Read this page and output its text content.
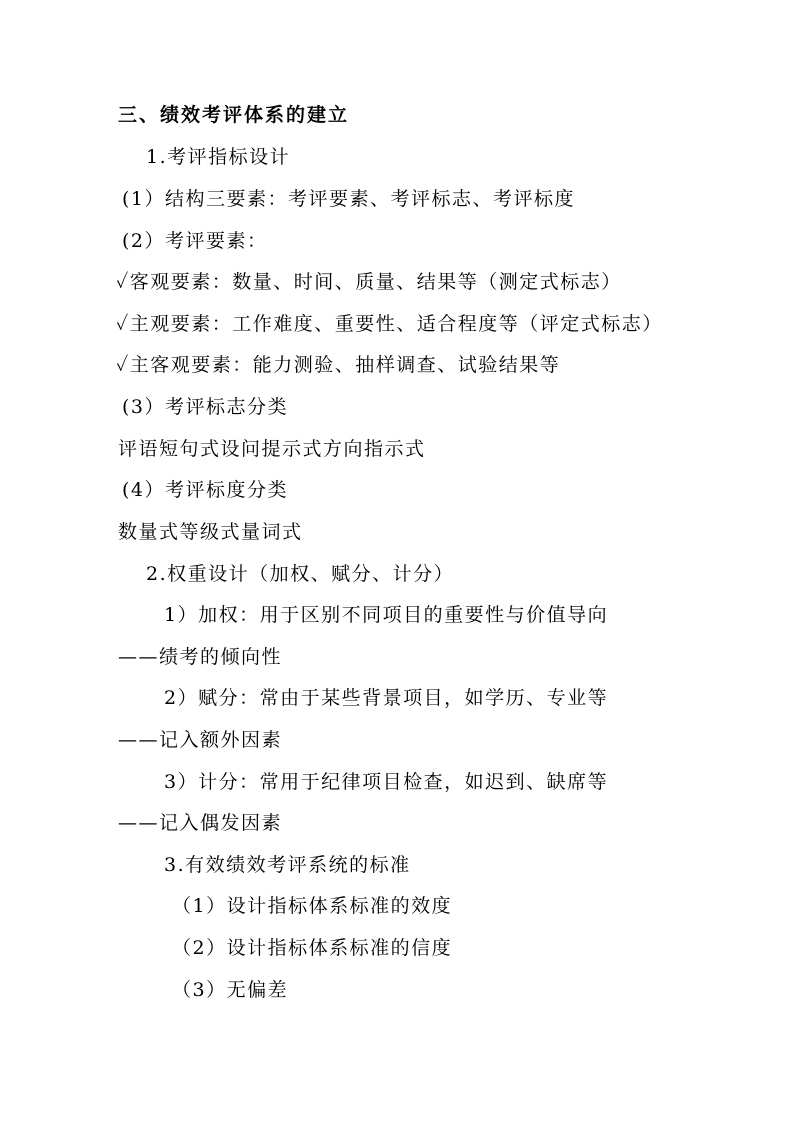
三、绩效考评体系的建立
1.考评指标设计
(1）结构三要素：考评要素、考评标志、考评标度
(2）考评要素：
✓客观要素：数量、时间、质量、结果等（测定式标志）
✓主观要素：工作难度、重要性、适合程度等（评定式标志）
✓主客观要素：能力测验、抽样调查、试验结果等
(3）考评标志分类
评语短句式设问提示式方向指示式
(4）考评标度分类
数量式等级式量词式
2.权重设计（加权、赋分、计分）
1）加权：用于区别不同项目的重要性与价值导向
——绩考的倾向性
2）赋分：常由于某些背景项目，如学历、专业等
——记入额外因素
3）计分：常用于纪律项目检查，如迟到、缺席等
——记入偶发因素
3.有效绩效考评系统的标准
（1）设计指标体系标准的效度
（2）设计指标体系标准的信度
（3）无偏差
